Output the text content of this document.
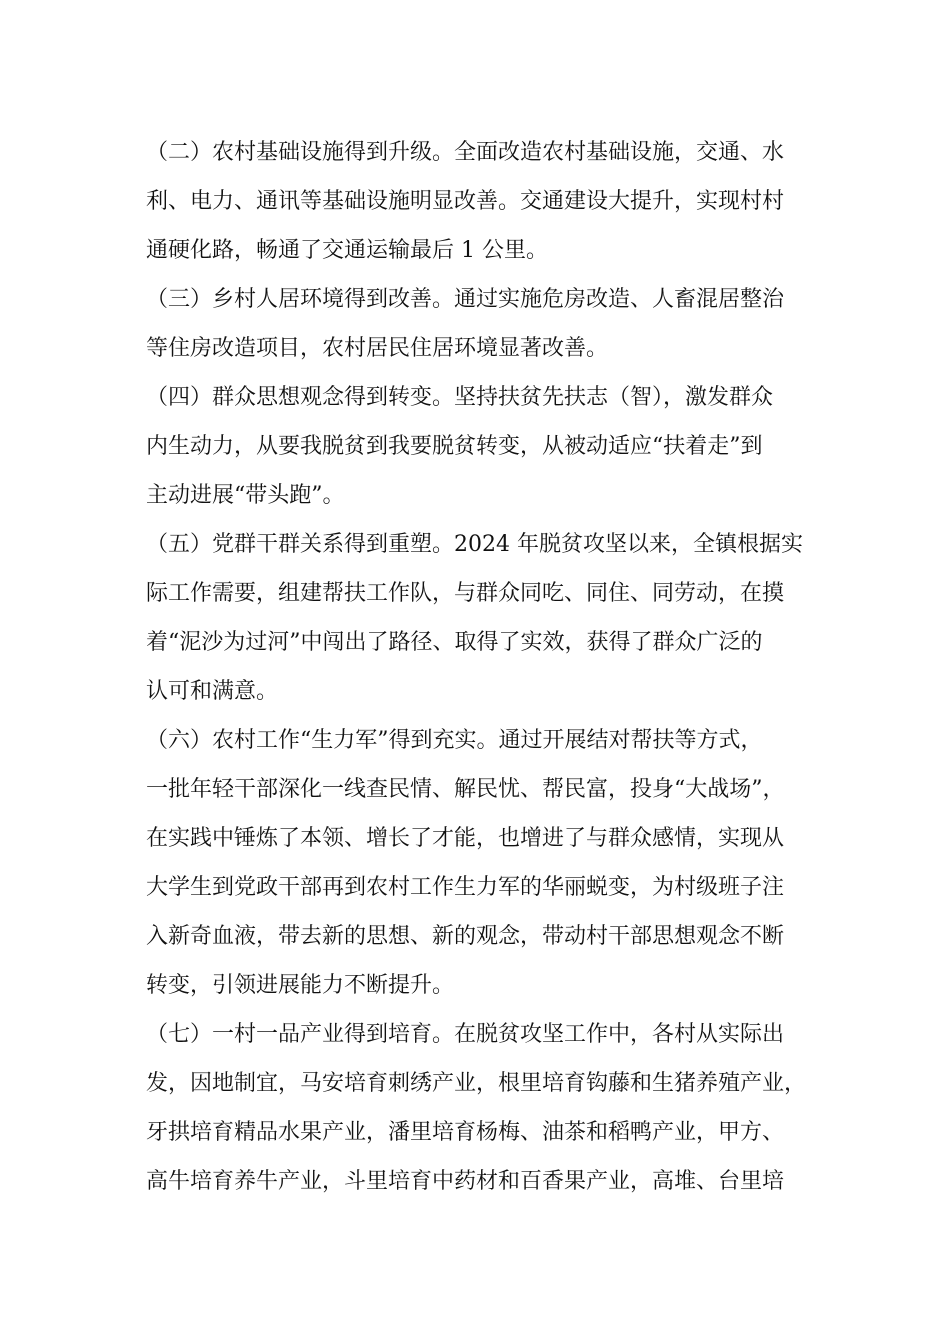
（二）农村基础设施得到升级。全面改造农村基础设施，交通、水
利、电力、通讯等基础设施明显改善。交通建设大提升，实现村村
通硬化路，畅通了交通运输最后 1 公里。

（三）乡村人居环境得到改善。通过实施危房改造、人畜混居整治
等住房改造项目，农村居民住居环境显著改善。

（四）群众思想观念得到转变。坚持扶贫先扶志（智），激发群众
内生动力，从要我脱贫到我要脱贫转变，从被动适应“扶着走”到
主动进展“带头跑”。

（五）党群干群关系得到重塑。2024 年脱贫攻坚以来，全镇根据实
际工作需要，组建帮扶工作队，与群众同吃、同住、同劳动，在摸
着“泥沙为过河”中闯出了路径、取得了实效，获得了群众广泛的
认可和满意。

（六）农村工作“生力军”得到充实。通过开展结对帮扶等方式，
一批年轻干部深化一线查民情、解民忧、帮民富，投身“大战场”，
在实践中锤炼了本领、增长了才能，也增进了与群众感情，实现从
大学生到党政干部再到农村工作生力军的华丽蜕变，为村级班子注
入新奇血液，带去新的思想、新的观念，带动村干部思想观念不断
转变，引领进展能力不断提升。

（七）一村一品产业得到培育。在脱贫攻坚工作中，各村从实际出
发，因地制宜，马安培育刺绣产业，根里培育钩藤和生猪养殖产业，
牙拱培育精品水果产业，潘里培育杨梅、油茶和稻鸭产业，甲方、
高牛培育养牛产业，斗里培育中药材和百香果产业，高堆、台里培
